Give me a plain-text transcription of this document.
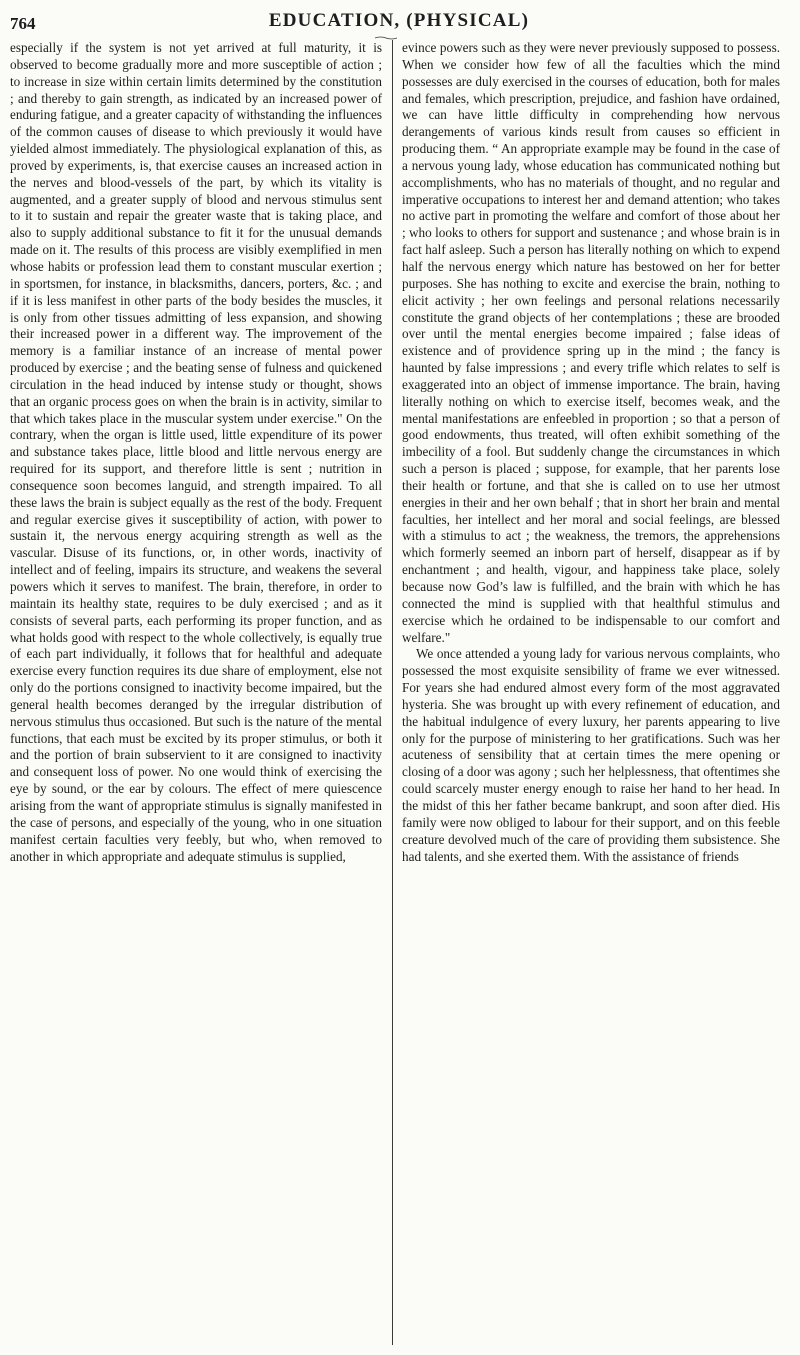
764	EDUCATION, (PHYSICAL)

especially if the system is not yet arrived at full maturity, it is observed to become gradually more and more susceptible of action ; to increase in size within certain limits determined by the constitution ; and thereby to gain strength, as indicated by an increased power of enduring fatigue, and a greater capacity of withstanding the influences of the common causes of disease to which previously it would have yielded almost immediately. The physiological explanation of this, as proved by experiments, is, that exercise causes an increased action in the nerves and blood-vessels of the part, by which its vitality is augmented, and a greater supply of blood and nervous stimulus sent to it to sustain and repair the greater waste that is taking place, and also to supply additional substance to fit it for the unusual demands made on it. The results of this process are visibly exemplified in men whose habits or profession lead them to constant muscular exertion ; in sportsmen, for instance, in blacksmiths, dancers, porters, &c. ; and if it is less manifest in other parts of the body besides the muscles, it is only from other tissues admitting of less expansion, and showing their increased power in a different way. The improvement of the memory is a familiar instance of an increase of mental power produced by exercise ; and the beating sense of fulness and quickened circulation in the head induced by intense study or thought, shows that an organic process goes on when the brain is in activity, similar to that which takes place in the muscular system under exercise." On the contrary, when the organ is little used, little expenditure of its power and substance takes place, little blood and little nervous energy are required for its support, and therefore little is sent ; nutrition in consequence soon becomes languid, and strength impaired. To all these laws the brain is subject equally as the rest of the body. Frequent and regular exercise gives it susceptibility of action, with power to sustain it, the nervous energy acquiring strength as well as the vascular. Disuse of its functions, or, in other words, inactivity of intellect and of feeling, impairs its structure, and weakens the several powers which it serves to manifest. The brain, therefore, in order to maintain its healthy state, requires to be duly exercised ; and as it consists of several parts, each performing its proper function, and as what holds good with respect to the whole collectively, is equally true of each part individually, it follows that for healthful and adequate exercise every function requires its due share of employment, else not only do the portions consigned to inactivity become impaired, but the general health becomes deranged by the irregular distribution of nervous stimulus thus occasioned. But such is the nature of the mental functions, that each must be excited by its proper stimulus, or both it and the portion of brain subservient to it are consigned to inactivity and consequent loss of power. No one would think of exercising the eye by sound, or the ear by colours. The effect of mere quiescence arising from the want of appropriate stimulus is signally manifested in the case of persons, and especially of the young, who in one situation manifest certain faculties very feebly, but who, when removed to another in which appropriate and adequate stimulus is supplied,

evince powers such as they were never previously supposed to possess. When we consider how few of all the faculties which the mind possesses are duly exercised in the courses of education, both for males and females, which prescription, prejudice, and fashion have ordained, we can have little difficulty in comprehending how nervous derangements of various kinds result from causes so efficient in producing them. “ An appropriate example may be found in the case of a nervous young lady, whose education has communicated nothing but accomplishments, who has no materials of thought, and no regular and imperative occupations to interest her and demand attention; who takes no active part in promoting the welfare and comfort of those about her ; who looks to others for support and sustenance ; and whose brain is in fact half asleep. Such a person has literally nothing on which to expend half the nervous energy which nature has bestowed on her for better purposes. She has nothing to excite and exercise the brain, nothing to elicit activity ; her own feelings and personal relations necessarily constitute the grand objects of her contemplations ; these are brooded over until the mental energies become impaired ; false ideas of existence and of providence spring up in the mind ; the fancy is haunted by false impressions ; and every trifle which relates to self is exaggerated into an object of immense importance. The brain, having literally nothing on which to exercise itself, becomes weak, and the mental manifestations are enfeebled in proportion ; so that a person of good endowments, thus treated, will often exhibit something of the imbecility of a fool. But suddenly change the circumstances in which such a person is placed ; suppose, for example, that her parents lose their health or fortune, and that she is called on to use her utmost energies in their and her own behalf ; that in short her brain and mental faculties, her intellect and her moral and social feelings, are blessed with a stimulus to act ; the weakness, the tremors, the apprehensions which formerly seemed an inborn part of herself, disappear as if by enchantment ; and health, vigour, and happiness take place, solely because now God’s law is fulfilled, and the brain with which he has connected the mind is supplied with that healthful stimulus and exercise which he ordained to be indispensable to our comfort and welfare."

We once attended a young lady for various nervous complaints, who possessed the most exquisite sensibility of frame we ever witnessed. For years she had endured almost every form of the most aggravated hysteria. She was brought up with every refinement of education, and the habitual indulgence of every luxury, her parents appearing to live only for the purpose of ministering to her gratifications. Such was her acuteness of sensibility that at certain times the mere opening or closing of a door was agony ; such her helplessness, that oftentimes she could scarcely muster energy enough to raise her hand to her head. In the midst of this her father became bankrupt, and soon after died. His family were now obliged to labour for their support, and on this feeble creature devolved much of the care of providing them subsistence. She had talents, and she exerted them. With the assistance of friends
